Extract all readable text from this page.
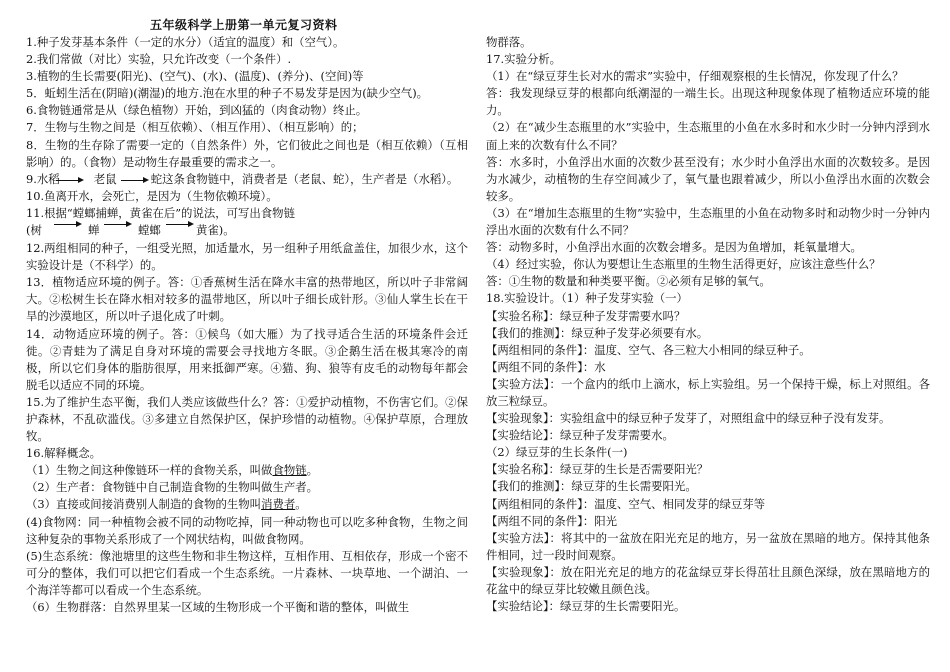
五年级科学上册第一单元复习资料
1.种子发芽基本条件（一定的水分）（适宜的温度）和（空气）。
2.我们常做（对比）实验，只允许改变（一个条件）.
3.植物的生长需要(阳光)、(空气)、(水)、(温度)、(养分)、(空间)等
5．蚯蚓生活在(阴暗)(潮湿)的地方.泡在水里的种子不易发芽是因为(缺少空气)。
6.食物链通常是从（绿色植物）开始，到凶猛的（肉食动物）终止。
7．生物与生物之间是（相互依赖）、（相互作用）、（相互影响）的；
8．生物的生存除了需要一定的（自然条件）外，它们彼此之间也是（相互依赖）（互相影响）的。（食物）是动物生存最重要的需求之一。
9.水稻　　　老鼠　　　蛇这条食物链中，消费者是（老鼠、蛇），生产者是（水稻）。
10.鱼离开水，会死亡，是因为（生物依赖环境）。
11.根据“螳螂捕蝉，黄雀在后”的说法，可写出食物链
(树	蝉	螳螂	黄雀)。
12.两组相同的种子，一组受光照，加适量水，另一组种子用纸盒盖住，加很少水，这个实验设计是（不科学）的。
13．植物适应环境的例子。答：①香蕉树生活在降水丰富的热带地区，所以叶子非常阔大。②松树生长在降水相对较多的温带地区，所以叶子细长成针形。③仙人掌生长在干旱的沙漠地区，所以叶子退化成了叶刺。
14．动物适应环境的例子。答：①候鸟（如大雁）为了找寻适合生活的环境条件会迁徙。②青蛙为了满足自身对环境的需要会寻找地方冬眠。③企鹅生活在极其寒冷的南极，所以它们身体的脂肪很厚，用来抵御严寒。④猫、狗、狼等有皮毛的动物每年都会脱毛以适应不同的环境。
15.为了维护生态平衡，我们人类应该做些什么？答：①爱护动植物，不伤害它们。②保护森林，不乱砍滥伐。③多建立自然保护区，保护珍惜的动植物。④保护草原，合理放牧。
16.解释概念。
（1）生物之间这种像链环一样的食物关系，叫做食物链。
（2）生产者：食物链中自己制造食物的生物叫做生产者。
（3）直接或间接消费别人制造的食物的生物叫消费者。
(4)食物网：同一种植物会被不同的动物吃掉，同一种动物也可以吃多种食物，生物之间这种复杂的事物关系形成了一个网状结构，叫做食物网。
(5)生态系统：像池塘里的这些生物和非生物这样，互相作用、互相依存，形成一个密不可分的整体，我们可以把它们看成一个生态系统。一片森林、一块草地、一个湖泊、一个海洋等都可以看成一个生态系统。
（6）生物群落：自然界里某一区域的生物形成一个平衡和谐的整体，叫做生
物群落。
17.实验分析。
（1）在“绿豆芽生长对水的需求”实验中，仔细观察根的生长情况，你发现了什么？
答：我发现绿豆芽的根都向纸潮湿的一端生长。出现这种现象体现了植物适应环境的能力。
（2）在“减少生态瓶里的水”实验中，生态瓶里的小鱼在水多时和水少时一分钟内浮到水面上来的次数有什么不同？
答：水多时，小鱼浮出水面的次数少甚至没有；水少时小鱼浮出水面的次数较多。是因为水减少，动植物的生存空间减少了，氧气量也跟着减少，所以小鱼浮出水面的次数会较多。
（3）在“增加生态瓶里的生物”实验中，生态瓶里的小鱼在动物多时和动物少时一分钟内浮出水面的次数有什么不同？
答：动物多时，小鱼浮出水面的次数会增多。是因为鱼增加，耗氧量增大。
（4）经过实验，你认为要想让生态瓶里的生物生活得更好，应该注意些什么？
答：①生物的数量和种类要平衡。②必须有足够的氧气。
18.实验设计。（1）种子发芽实验（一）
【实验名称】：绿豆种子发芽需要水吗？
【我们的推测】：绿豆种子发芽必须要有水。
【两组相同的条件】：温度、空气、各三粒大小相同的绿豆种子。
【两组不同的条件】：水
【实验方法】：一个盒内的纸巾上滴水，标上实验组。另一个保持干燥，标上对照组。各放三粒绿豆。
【实验现象】：实验组盒中的绿豆种子发芽了，对照组盒中的绿豆种子没有发芽。
【实验结论】：绿豆种子发芽需要水。
（2）绿豆芽的生长条件(一)
【实验名称】：绿豆芽的生长是否需要阳光？
【我们的推测】：绿豆芽的生长需要阳光。
【两组相同的条件】：温度、空气、相同发芽的绿豆芽等
【两组不同的条件】：阳光
【实验方法】：将其中的一盆放在阳光充足的地方，另一盆放在黑暗的地方。保持其他条件相同，过一段时间观察。
【实验现象】：放在阳光充足的地方的花盆绿豆芽长得茁壮且颜色深绿，放在黑暗地方的花盆中的绿豆芽比较嫩且颜色浅。
【实验结论】：绿豆芽的生长需要阳光。
